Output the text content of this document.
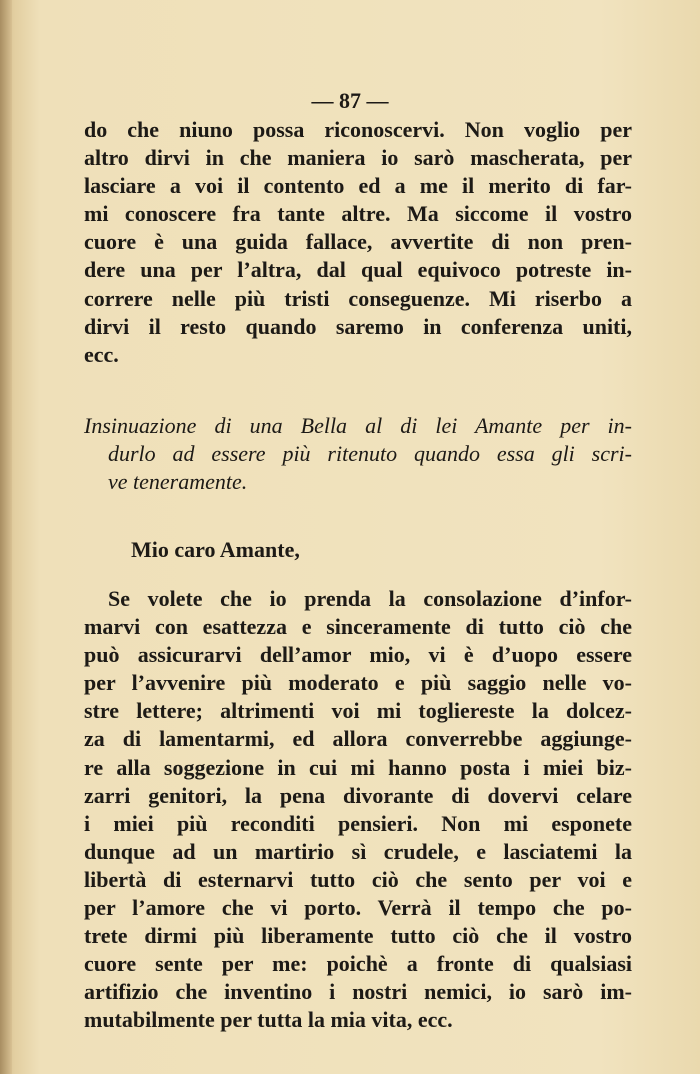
— 87 —
do che niuno possa riconoscervi. Non voglio per
altro dirvi in che maniera io sarò mascherata, per
lasciare a voi il contento ed a me il merito di far-
mi conoscere fra tante altre. Ma siccome il vostro
cuore è una guida fallace, avvertite di non pren-
dere una per l’altra, dal qual equivoco potreste in-
correre nelle più tristi conseguenze. Mi riserbo a
dirvi il resto quando saremo in conferenza uniti,
ecc.
Insinuazione di una Bella al di lei Amante per in-
durlo ad essere più ritenuto quando essa gli scri-
ve teneramente.
Mio caro Amante,
Se volete che io prenda la consolazione d’infor-
marvi con esattezza e sinceramente di tutto ciò che
può assicurarvi dell’amor mio, vi è d’uopo essere
per l’avvenire più moderato e più saggio nelle vo-
stre lettere; altrimenti voi mi togliereste la dolcez-
za di lamentarmi, ed allora converrebbe aggiunge-
re alla soggezione in cui mi hanno posta i miei biz-
zarri genitori, la pena divorante di dovervi celare
i miei più reconditi pensieri. Non mi esponete
dunque ad un martirio sì crudele, e lasciatemi la
libertà di esternarvi tutto ciò che sento per voi e
per l’amore che vi porto. Verrà il tempo che po-
trete dirmi più liberamente tutto ciò che il vostro
cuore sente per me: poichè a fronte di qualsiasi
artifizio che inventino i nostri nemici, io sarò im-
mutabilmente per tutta la mia vita, ecc.
